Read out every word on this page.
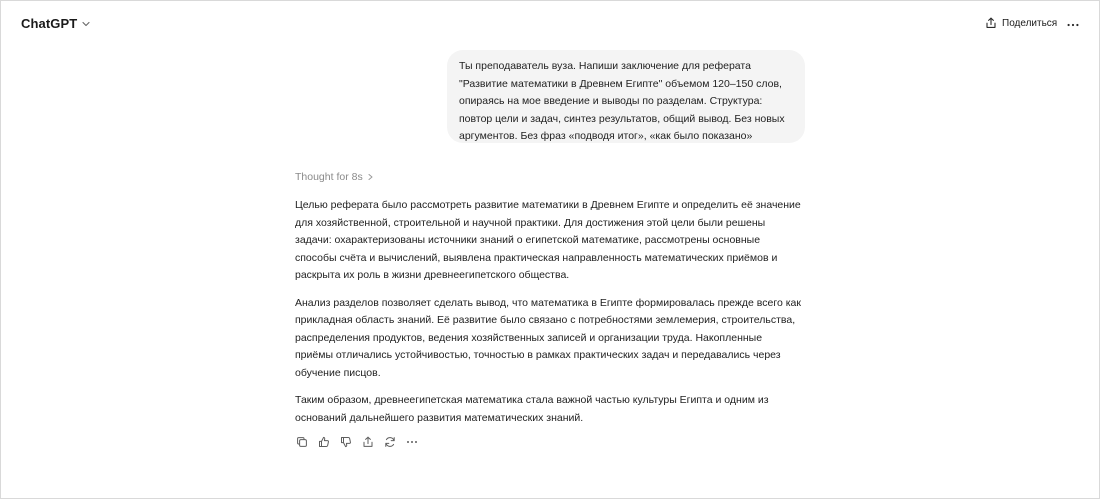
ChatGPT	Поделиться
Ты преподаватель вуза. Напиши заключение для реферата
"Развитие математики в Древнем Египте" объемом 120–150 слов,
опираясь на мое введение и выводы по разделам. Структура:
повтор цели и задач, синтез результатов, общий вывод. Без новых
аргументов. Без фраз «подводя итог», «как было показано»
Thought for 8s

Целью реферата было рассмотреть развитие математики в Древнем Египте и определить её значение
для хозяйственной, строительной и научной практики. Для достижения этой цели были решены
задачи: охарактеризованы источники знаний о египетской математике, рассмотрены основные
способы счёта и вычислений, выявлена практическая направленность математических приёмов и
раскрыта их роль в жизни древнеегипетского общества.

Анализ разделов позволяет сделать вывод, что математика в Египте формировалась прежде всего как
прикладная область знаний. Её развитие было связано с потребностями землемерия, строительства,
распределения продуктов, ведения хозяйственных записей и организации труда. Накопленные
приёмы отличались устойчивостью, точностью в рамках практических задач и передавались через
обучение писцов.

Таким образом, древнеегипетская математика стала важной частью культуры Египта и одним из
оснований дальнейшего развития математических знаний.
